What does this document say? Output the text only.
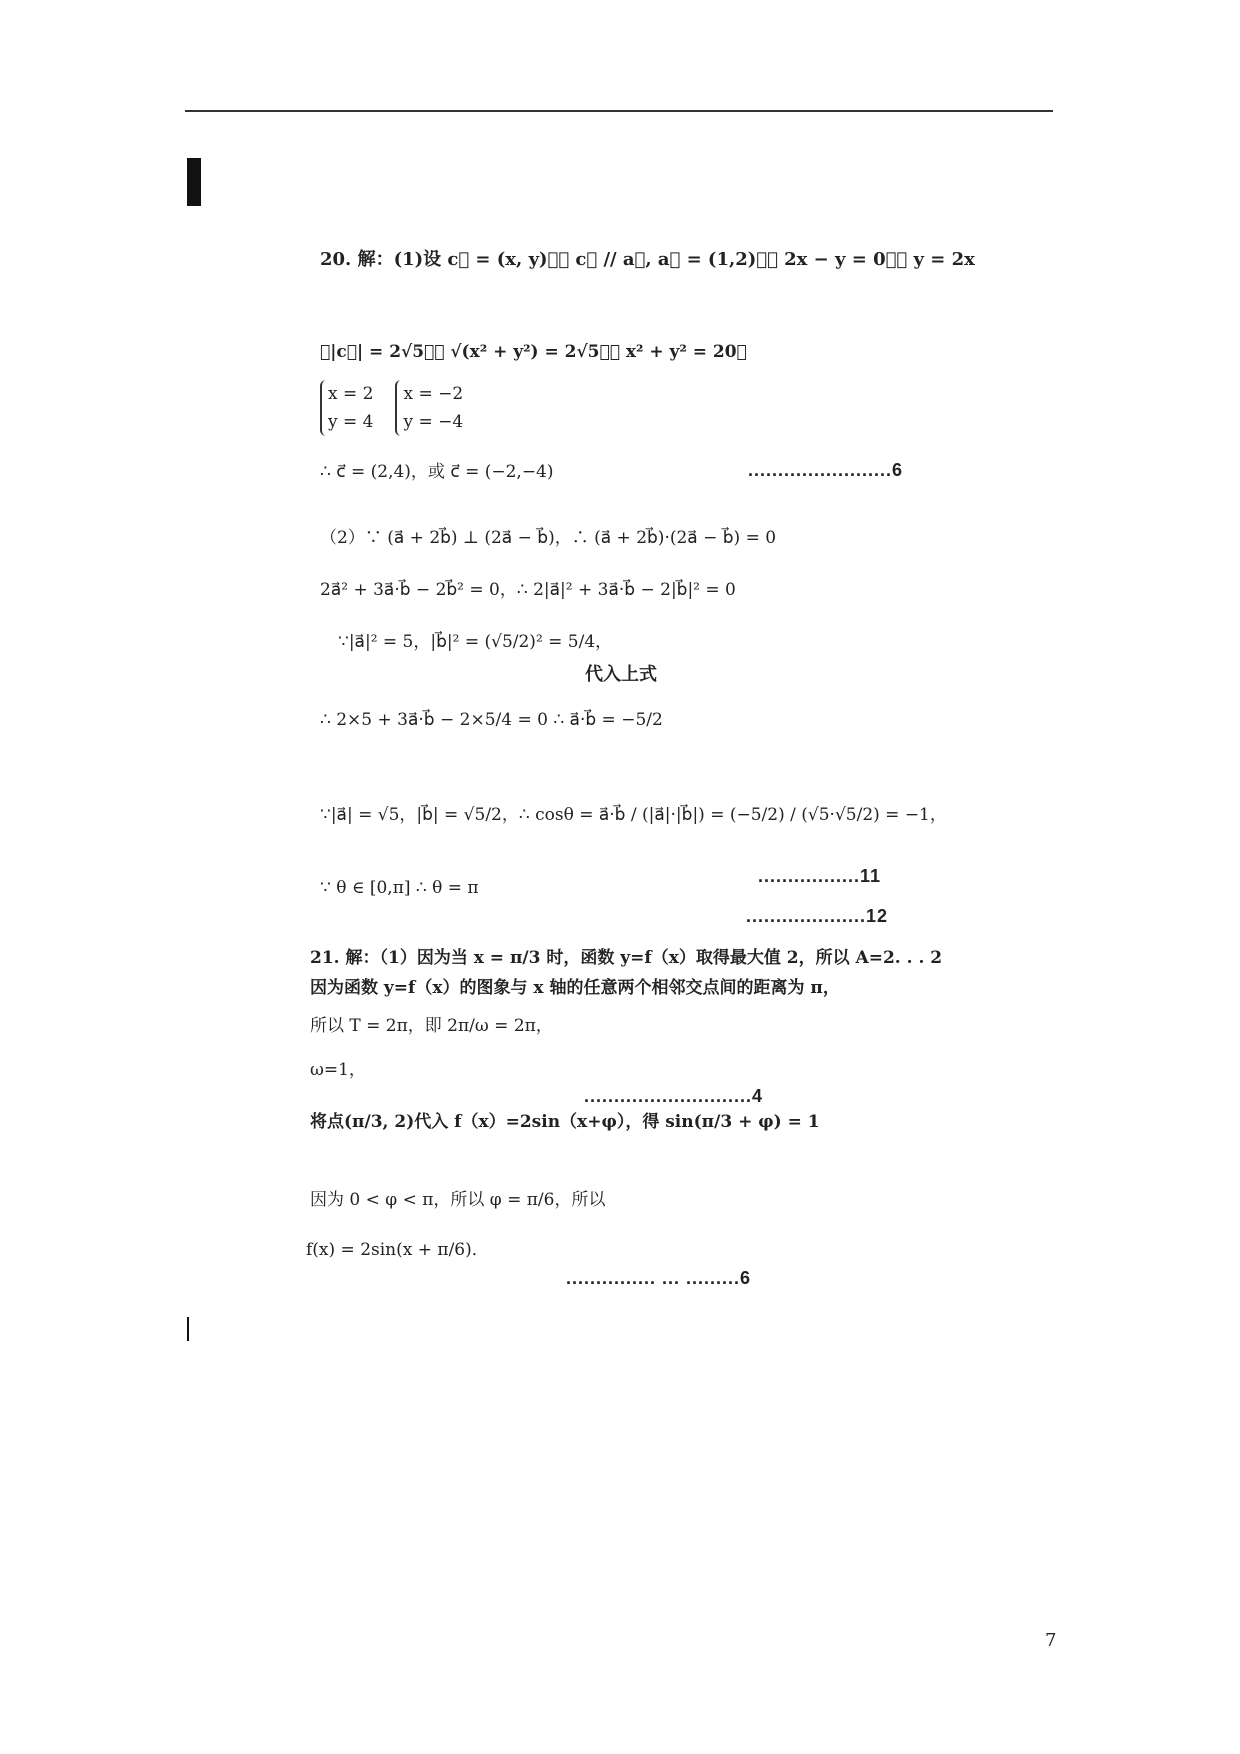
20. 解：(1)设 c⃗ = (x, y)，∵ c⃗ // a⃗, a⃗ = (1,2)，∴ 2x − y = 0，∴ y = 2x
∵|c⃗| = 2√5，∴ √(x² + y²) = 2√5，∴ x² + y² = 20，
x = 2
y = 4
x = −2
y = −4
∴ c⃗ = (2,4)，或 c⃗ = (−2,−4)	........................6
（2）∵ (a⃗ + 2b⃗) ⊥ (2a⃗ − b⃗)，∴ (a⃗ + 2b⃗)·(2a⃗ − b⃗) = 0
2a⃗² + 3a⃗·b⃗ − 2b⃗² = 0，∴ 2|a⃗|² + 3a⃗·b⃗ − 2|b⃗|² = 0
∵|a⃗|² = 5，|b⃗|² = (√5/2)² = 5/4，
代入上式
∴ 2×5 + 3a⃗·b⃗ − 2×5/4 = 0 ∴ a⃗·b⃗ = −5/2
∵|a⃗| = √5，|b⃗| = √5/2，∴ cosθ = a⃗·b⃗ / (|a⃗|·|b⃗|) = (−5/2) / (√5·√5/2) = −1，
∵ θ ∈ [0,π] ∴ θ = π
.................11
....................12
21. 解：（1）因为当 x = π/3 时，函数 y=f（x）取得最大值 2，所以 A=2. . . 2
因为函数 y=f（x）的图象与 x 轴的任意两个相邻交点间的距离为 π，
所以 T = 2π，即 2π/ω = 2π，
ω=1，
............................4
将点(π/3, 2)代入 f（x）=2sin（x+φ），得 sin(π/3 + φ) = 1
因为 0 < φ < π，所以 φ = π/6，所以
f(x) = 2sin(x + π/6)．
............... ... .........6
7
